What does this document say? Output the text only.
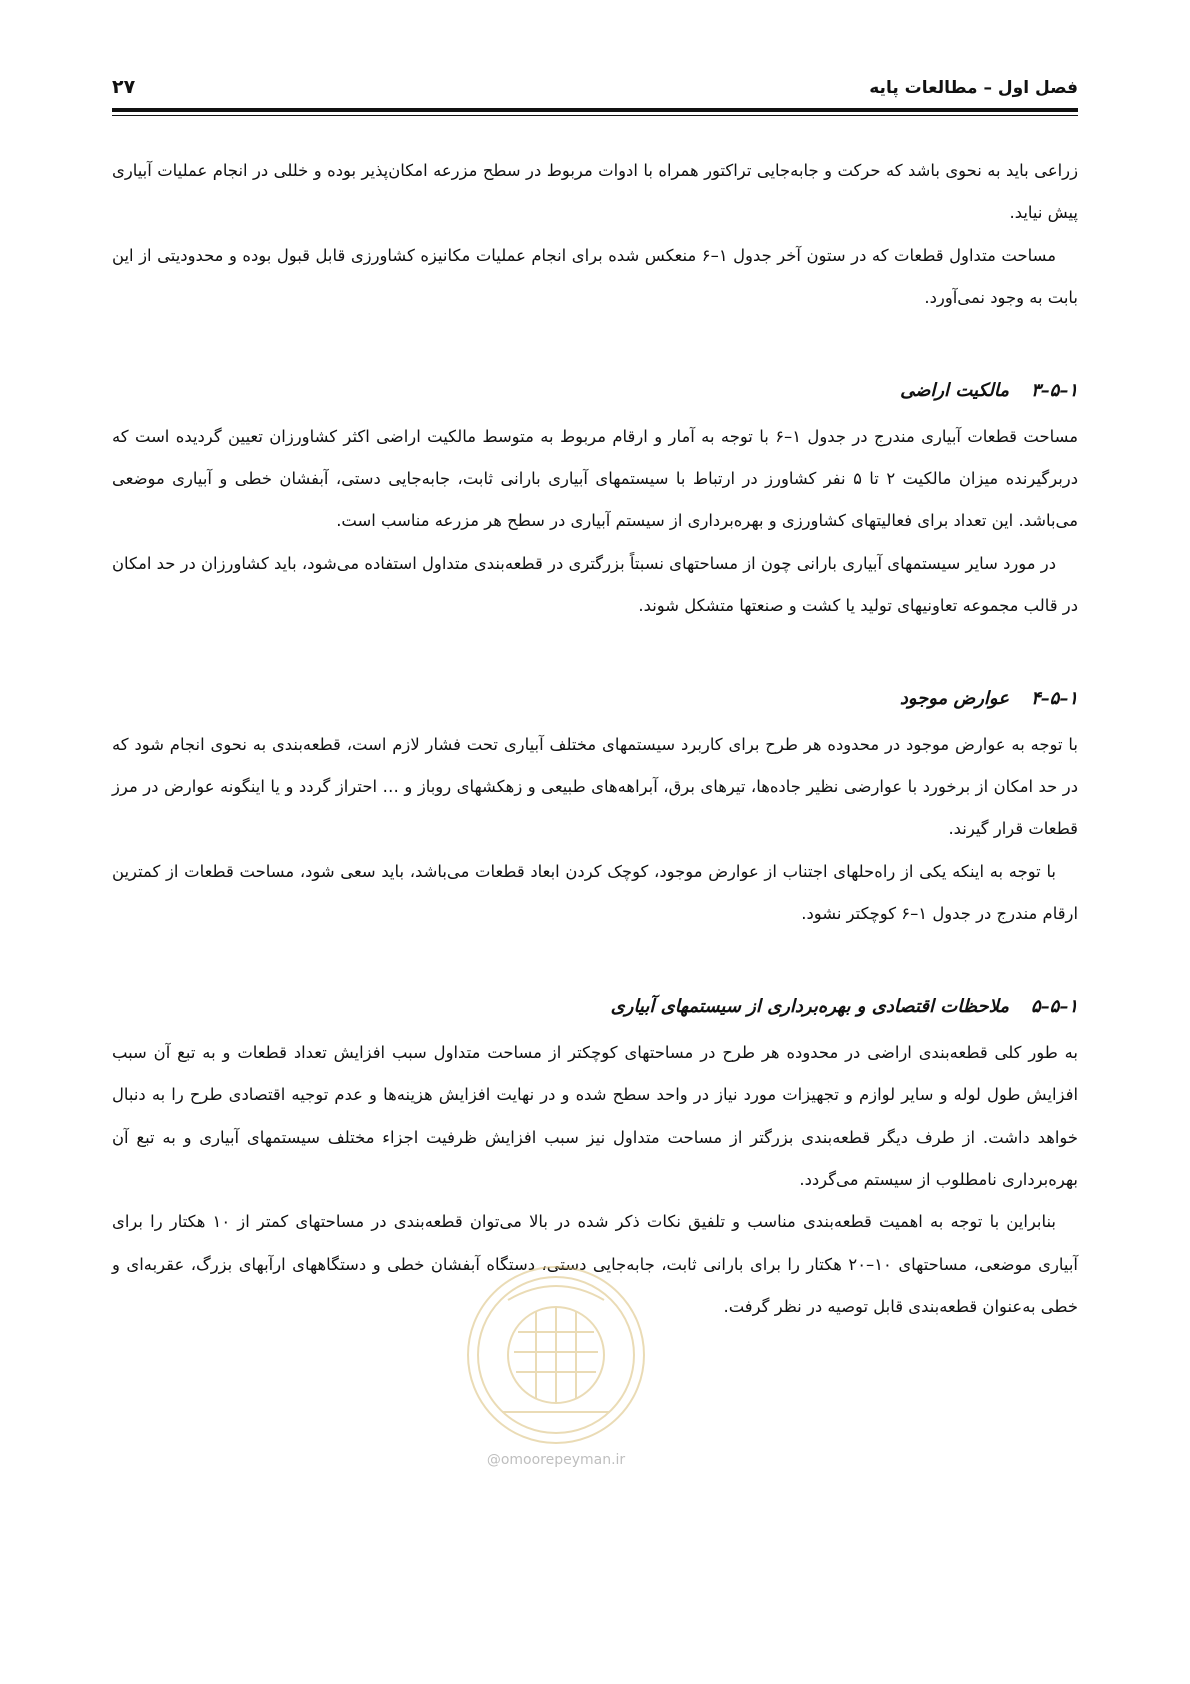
فصل اول – مطالعات پایه
۲۷

زراعی باید به نحوی باشد که حرکت و جابه‌جایی تراکتور همراه با ادوات مربوط در سطح مزرعه امکان‌پذیر بوده و خللی در انجام عملیات آبیاری پیش نیاید.

مساحت متداول قطعات که در ستون آخر جدول ۱–۶ منعکس شده برای انجام عملیات مکانیزه کشاورزی قابل قبول بوده و محدودیتی از این بابت به وجود نمی‌آورد.

۱–۵–۳
مالکیت اراضی

مساحت قطعات آبیاری مندرج در جدول ۱–۶ با توجه به آمار و ارقام مربوط به متوسط مالکیت اراضی اکثر کشاورزان تعیین گردیده است که دربرگیرنده میزان مالکیت ۲ تا ۵ نفر کشاورز در ارتباط با سیستمهای آبیاری بارانی ثابت، جابه‌جایی دستی، آبفشان خطی و آبیاری موضعی می‌باشد. این تعداد برای فعالیتهای کشاورزی و بهره‌برداری از سیستم آبیاری در سطح هر مزرعه مناسب است.

در مورد سایر سیستمهای آبیاری بارانی چون از مساحتهای نسبتاً بزرگتری در قطعه‌بندی متداول استفاده می‌شود، باید کشاورزان در حد امکان در قالب مجموعه تعاونیهای تولید یا کشت و صنعتها متشکل شوند.

۱–۵–۴
عوارض موجود

با توجه به عوارض موجود در محدوده هر طرح برای کاربرد سیستمهای مختلف آبیاری تحت فشار لازم است، قطعه‌بندی به نحوی انجام شود که در حد امکان از برخورد با عوارضی نظیر جاده‌ها، تیرهای برق، آبراهه‌های طبیعی و زهکشهای روباز و … احتراز گردد و یا اینگونه عوارض در مرز قطعات قرار گیرند.

با توجه به اینکه یکی از راه‌حلهای اجتناب از عوارض موجود، کوچک کردن ابعاد قطعات می‌باشد، باید سعی شود، مساحت قطعات از کمترین ارقام مندرج در جدول ۱–۶ کوچکتر نشود.

۱–۵–۵
ملاحظات اقتصادی و بهره‌برداری از سیستمهای آبیاری

به طور کلی قطعه‌بندی اراضی در محدوده هر طرح در مساحتهای کوچکتر از مساحت متداول سبب افزایش تعداد قطعات و به تبع آن سبب افزایش طول لوله و سایر لوازم و تجهیزات مورد نیاز در واحد سطح شده و در نهایت افزایش هزینه‌ها و عدم توجیه اقتصادی طرح را به دنبال خواهد داشت. از طرف دیگر قطعه‌بندی بزرگتر از مساحت متداول نیز سبب افزایش ظرفیت اجزاء مختلف سیستمهای آبیاری و به تبع آن بهره‌برداری نامطلوب از سیستم می‌گردد.

بنابراین با توجه به اهمیت قطعه‌بندی مناسب و تلفیق نکات ذکر شده در بالا می‌توان قطعه‌بندی در مساحتهای کمتر از ۱۰ هکتار را برای آبیاری موضعی، مساحتهای ۱۰–۲۰ هکتار را برای بارانی ثابت، جابه‌جایی دستی، دستگاه آبفشان خطی و دستگاههای ارآبهای بزرگ، عقربه‌ای و خطی به‌عنوان قطعه‌بندی قابل توصیه در نظر گرفت.

@omoorepeyman.ir
